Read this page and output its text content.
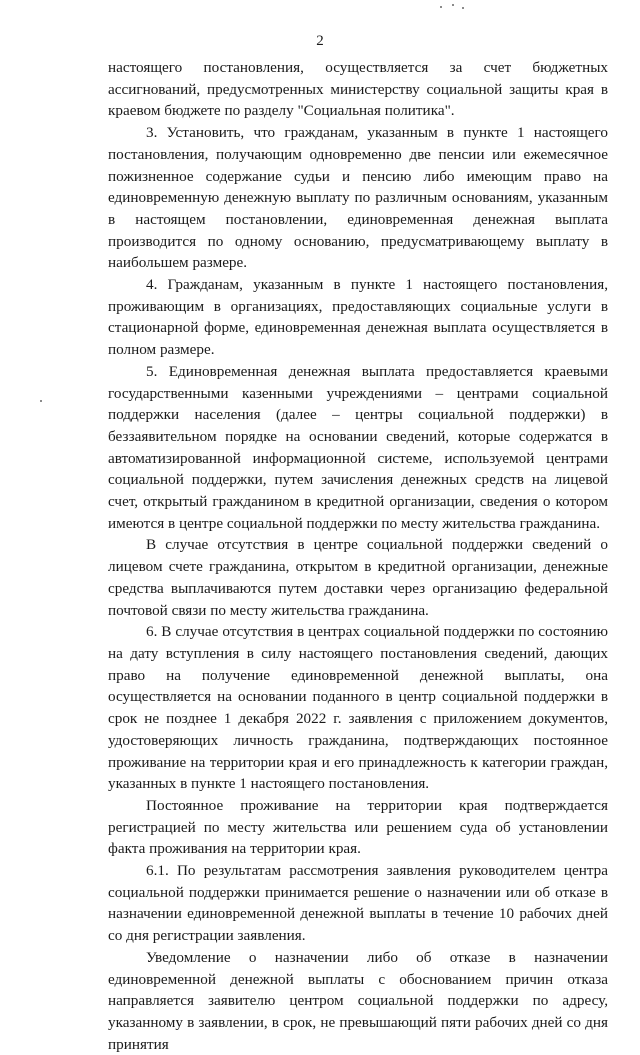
2

настоящего постановления, осуществляется за счет бюджетных ассигнований, предусмотренных министерству социальной защиты края в краевом бюджете по разделу "Социальная политика".

3. Установить, что гражданам, указанным в пункте 1 настоящего постановления, получающим одновременно две пенсии или ежемесячное пожизненное содержание судьи и пенсию либо имеющим право на единовременную денежную выплату по различным основаниям, указанным в настоящем постановлении, единовременная денежная выплата производится по одному основанию, предусматривающему выплату в наибольшем размере.

4. Гражданам, указанным в пункте 1 настоящего постановления, проживающим в организациях, предоставляющих социальные услуги в стационарной форме, единовременная денежная выплата осуществляется в полном размере.

5. Единовременная денежная выплата предоставляется краевыми государственными казенными учреждениями – центрами социальной поддержки населения (далее – центры социальной поддержки) в беззаявительном порядке на основании сведений, которые содержатся в автоматизированной информационной системе, используемой центрами социальной поддержки, путем зачисления денежных средств на лицевой счет, открытый гражданином в кредитной организации, сведения о котором имеются в центре социальной поддержки по месту жительства гражданина.

В случае отсутствия в центре социальной поддержки сведений о лицевом счете гражданина, открытом в кредитной организации, денежные средства выплачиваются путем доставки через организацию федеральной почтовой связи по месту жительства гражданина.

6. В случае отсутствия в центрах социальной поддержки по состоянию на дату вступления в силу настоящего постановления сведений, дающих право на получение единовременной денежной выплаты, она осуществляется на основании поданного в центр социальной поддержки в срок не позднее 1 декабря 2022 г. заявления с приложением документов, удостоверяющих личность гражданина, подтверждающих постоянное проживание на территории края и его принадлежность к категории граждан, указанных в пункте 1 настоящего постановления.

Постоянное проживание на территории края подтверждается регистрацией по месту жительства или решением суда об установлении факта проживания на территории края.

6.1. По результатам рассмотрения заявления руководителем центра социальной поддержки принимается решение о назначении или об отказе в назначении единовременной денежной выплаты в течение 10 рабочих дней со дня регистрации заявления.

Уведомление о назначении либо об отказе в назначении единовременной денежной выплаты с обоснованием причин отказа направляется заявителю центром социальной поддержки по адресу, указанному в заявлении, в срок, не превышающий пяти рабочих дней со дня принятия
